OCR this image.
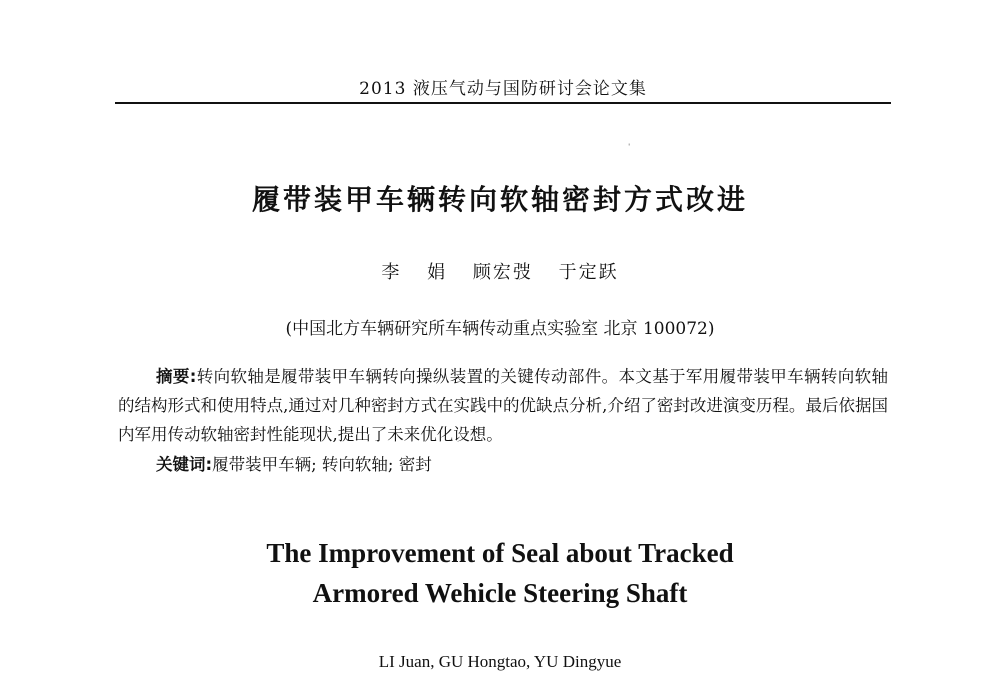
2013 液压气动与国防研讨会论文集
ˈ
履带装甲车辆转向软轴密封方式改进
李 娟 顾宏弢 于定跃
(中国北方车辆研究所车辆传动重点实验室 北京 100072)

摘要:转向软轴是履带装甲车辆转向操纵装置的关键传动部件。本文基于军用履带装甲车辆转向软轴的结构形式和使用特点,通过对几种密封方式在实践中的优缺点分析,介绍了密封改进演变历程。最后依据国内军用传动软轴密封性能现状,提出了未来优化设想。

关键词:履带装甲车辆; 转向软轴; 密封
The Improvement of Seal about Tracked
Armored Wehicle Steering Shaft
LI Juan, GU Hongtao, YU Dingyue
